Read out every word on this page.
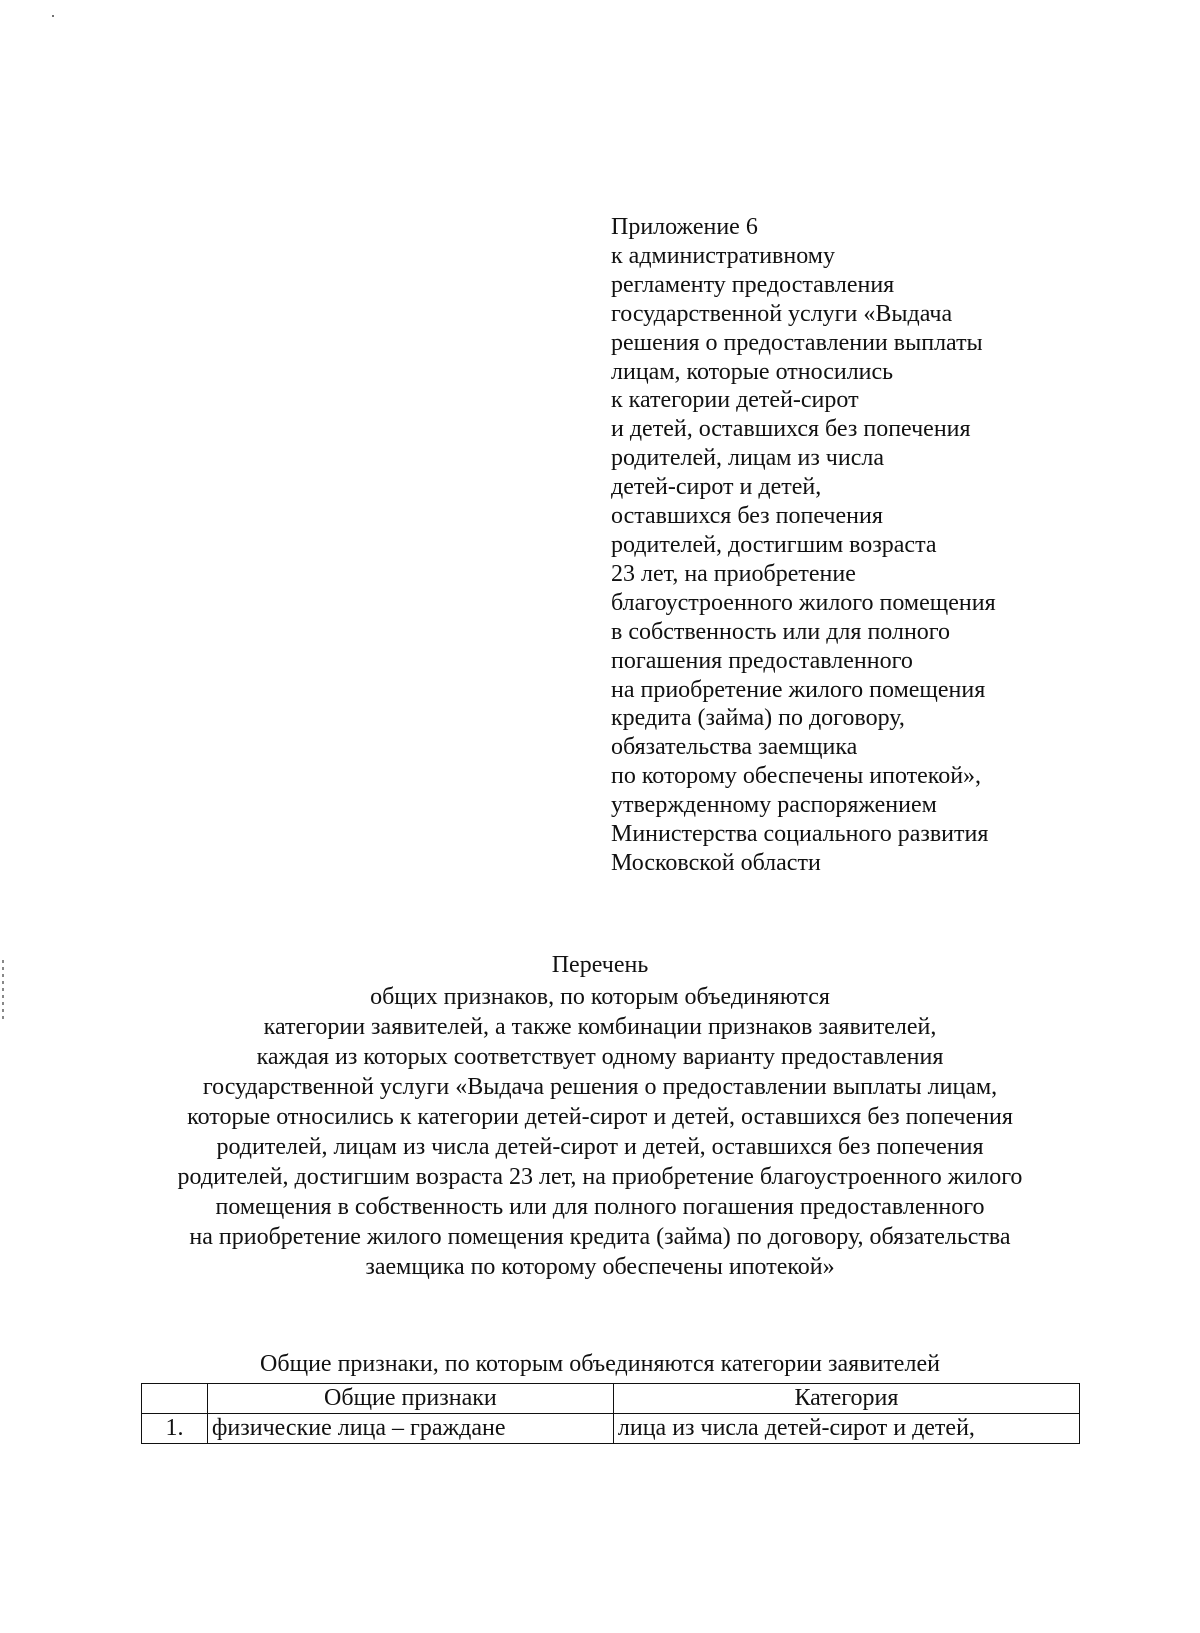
Приложение 6
к административному
регламенту предоставления
государственной услуги «Выдача
решения о предоставлении выплаты
лицам, которые относились
к категории детей-сирот
и детей, оставшихся без попечения
родителей, лицам из числа
детей-сирот и детей,
оставшихся без попечения
родителей, достигшим возраста
23 лет, на приобретение
благоустроенного жилого помещения
в собственность или для полного
погашения предоставленного
на приобретение жилого помещения
кредита (займа) по договору,
обязательства заемщика
по которому обеспечены ипотекой»,
утвержденному распоряжением
Министерства социального развития
Московской области
Перечень
общих признаков, по которым объединяются
категории заявителей, а также комбинации признаков заявителей,
каждая из которых соответствует одному варианту предоставления
государственной услуги «Выдача решения о предоставлении выплаты лицам,
которые относились к категории детей-сирот и детей, оставшихся без попечения
родителей, лицам из числа детей-сирот и детей, оставшихся без попечения
родителей, достигшим возраста 23 лет, на приобретение благоустроенного жилого
помещения в собственность или для полного погашения предоставленного
на приобретение жилого помещения кредита (займа) по договору, обязательства
заемщика по которому обеспечены ипотекой»
Общие признаки, по которым объединяются категории заявителей
	Общие признаки	Категория
1.	физические лица – граждане	лица из числа детей-сирот и детей,
